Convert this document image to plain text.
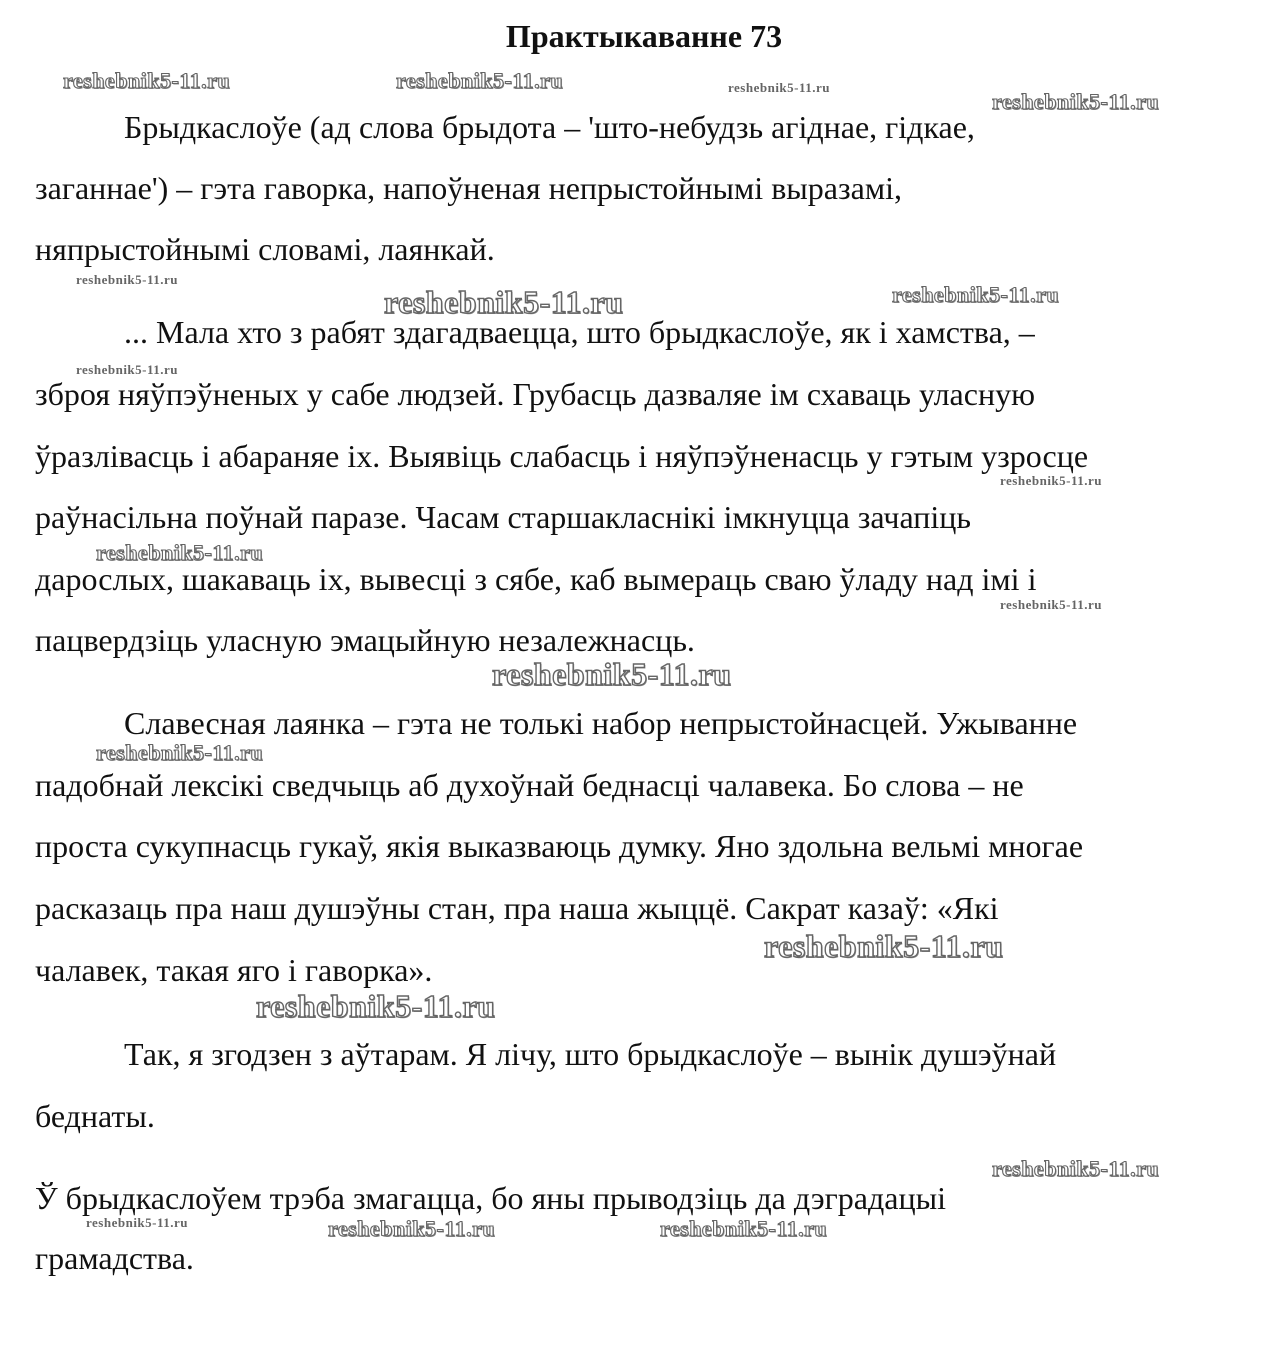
Практыкаванне 73

Брыдкаслоўе (ад слова брыдота – 'што-небудзь агіднае, гідкае,

заганнае') – гэта гаворка, напоўненая непрыстойнымі выразамі,

няпрыстойнымі словамі, лаянкай.

... Мала хто з рабят здагадваецца, што брыдкаслоўе, як і хамства, –

зброя няўпэўненых у сабе людзей. Грубасць дазваляе ім схаваць уласную

ўразлівасць і абараняе іх. Выявіць слабасць і няўпэўненасць у гэтым узросце

раўнасільна поўнай паразе. Часам старшакласнікі імкнуцца зачапіць

дарослых, шакаваць іх, вывесці з сябе, каб вымераць сваю ўладу над імі і

пацвердзіць уласную эмацыйную незалежнасць.

Славесная лаянка – гэта не толькі набор непрыстойнасцей. Ужыванне

падобнай лексікі сведчыць аб духоўнай беднасці чалавека. Бо слова – не

проста сукупнасць гукаў, якія выказваюць думку. Яно здольна вельмі многае

расказаць пра наш душэўны стан, пра наша жыццё. Сакрат казаў: «Які

чалавек, такая яго і гаворка».

Так, я згодзен з аўтарам. Я лічу, што брыдкаслоўе – вынік душэўнай

беднаты.

Ў брыдкаслоўем трэба змагацца, бо яны прыводзіць да дэградацыі

грамадства.

reshebnik5-11.ru	reshebnik5-11.ru	reshebnik5-11.ru
reshebnik5-11.ru
reshebnik5-11.ru
reshebnik5-11.ru	reshebnik5-11.ru
reshebnik5-11.ru
reshebnik5-11.ru
reshebnik5-11.ru
reshebnik5-11.ru
reshebnik5-11.ru
reshebnik5-11.ru
reshebnik5-11.ru
reshebnik5-11.ru
reshebnik5-11.ru
reshebnik5-11.ru	reshebnik5-11.ru	reshebnik5-11.ru
